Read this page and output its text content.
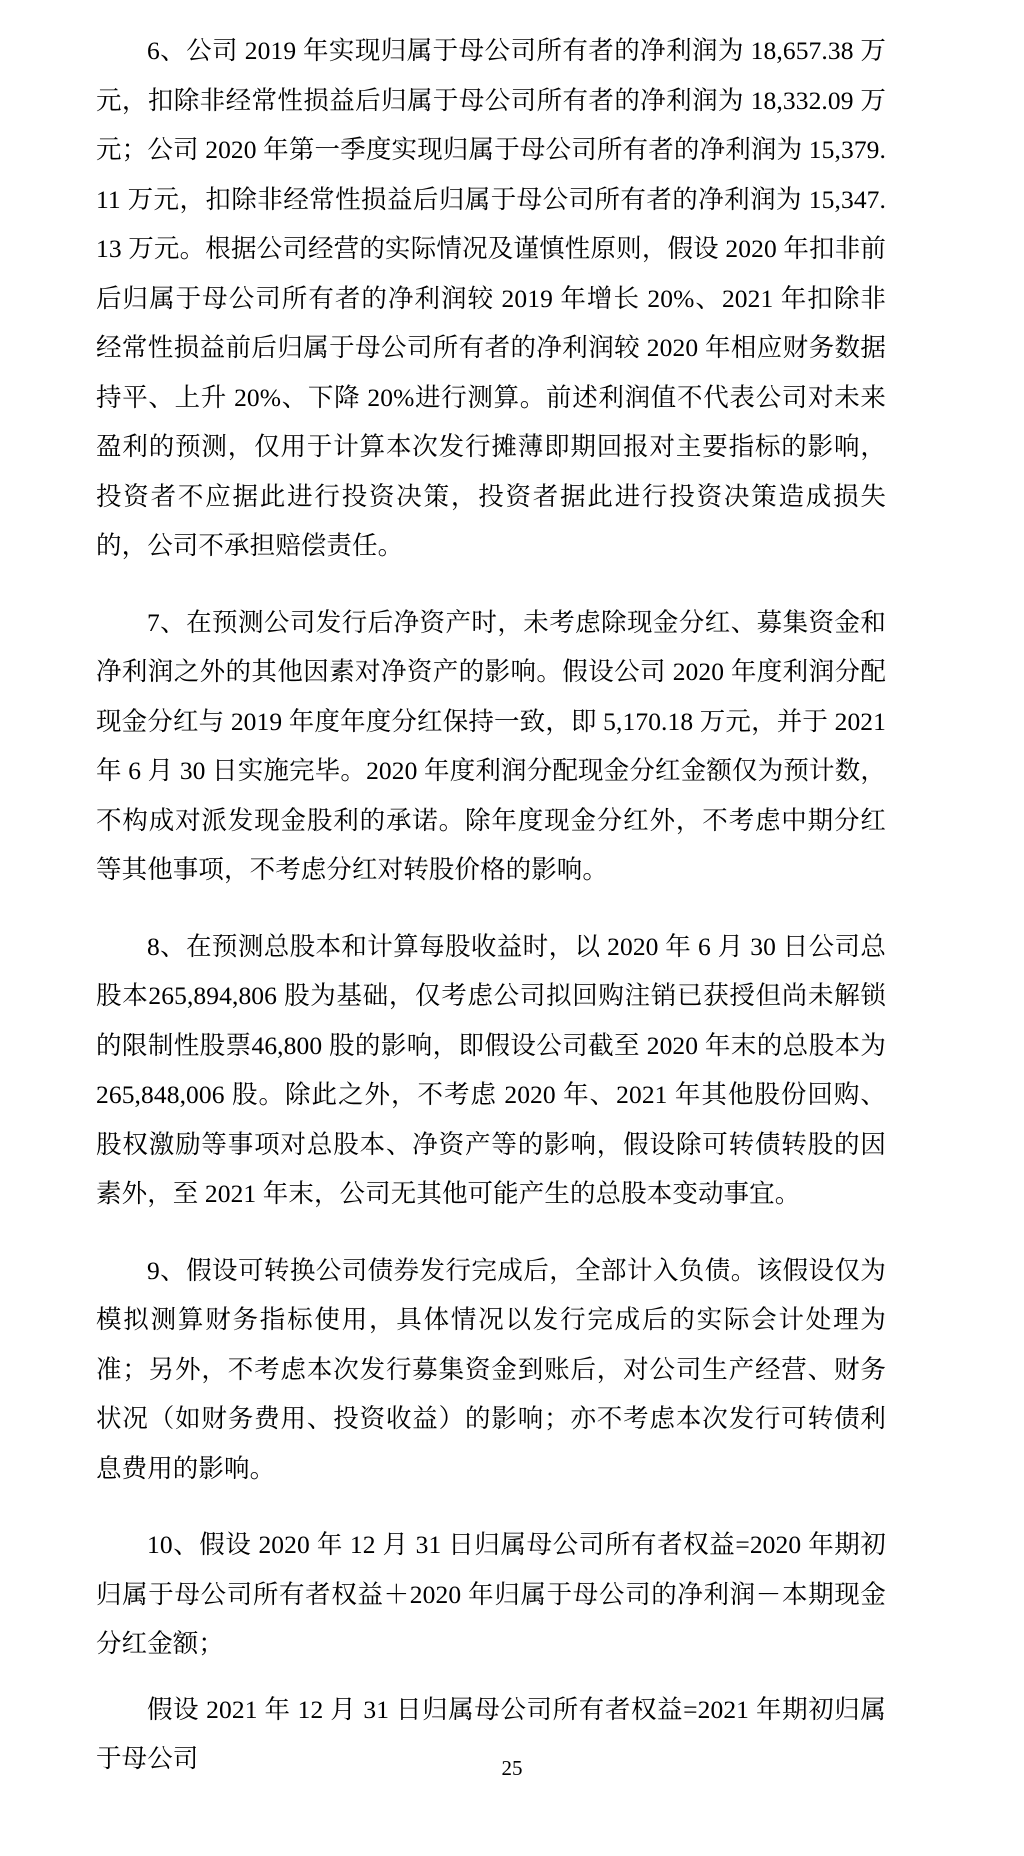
6、公司 2019 年实现归属于母公司所有者的净利润为 18,657.38 万元，扣除非经常性损益后归属于母公司所有者的净利润为 18,332.09 万元；公司 2020 年第一季度实现归属于母公司所有者的净利润为 15,379.11 万元，扣除非经常性损益后归属于母公司所有者的净利润为 15,347.13 万元。根据公司经营的实际情况及谨慎性原则，假设 2020 年扣非前后归属于母公司所有者的净利润较 2019 年增长 20%、2021 年扣除非经常性损益前后归属于母公司所有者的净利润较 2020 年相应财务数据持平、上升 20%、下降 20%进行测算。前述利润值不代表公司对未来盈利的预测，仅用于计算本次发行摊薄即期回报对主要指标的影响，投资者不应据此进行投资决策，投资者据此进行投资决策造成损失的，公司不承担赔偿责任。

7、在预测公司发行后净资产时，未考虑除现金分红、募集资金和净利润之外的其他因素对净资产的影响。假设公司 2020 年度利润分配现金分红与 2019 年度年度分红保持一致，即 5,170.18 万元，并于 2021 年 6 月 30 日实施完毕。2020 年度利润分配现金分红金额仅为预计数，不构成对派发现金股利的承诺。除年度现金分红外，不考虑中期分红等其他事项，不考虑分红对转股价格的影响。

8、在预测总股本和计算每股收益时，以 2020 年 6 月 30 日公司总股本265,894,806 股为基础，仅考虑公司拟回购注销已获授但尚未解锁的限制性股票46,800 股的影响，即假设公司截至 2020 年末的总股本为 265,848,006 股。除此之外，不考虑 2020 年、2021 年其他股份回购、股权激励等事项对总股本、净资产等的影响，假设除可转债转股的因素外，至 2021 年末，公司无其他可能产生的总股本变动事宜。

9、假设可转换公司债券发行完成后，全部计入负债。该假设仅为模拟测算财务指标使用，具体情况以发行完成后的实际会计处理为准；另外，不考虑本次发行募集资金到账后，对公司生产经营、财务状况（如财务费用、投资收益）的影响；亦不考虑本次发行可转债利息费用的影响。

10、假设 2020 年 12 月 31 日归属母公司所有者权益=2020 年期初归属于母公司所有者权益＋2020 年归属于母公司的净利润－本期现金分红金额；

假设 2021 年 12 月 31 日归属母公司所有者权益=2021 年期初归属于母公司	25
